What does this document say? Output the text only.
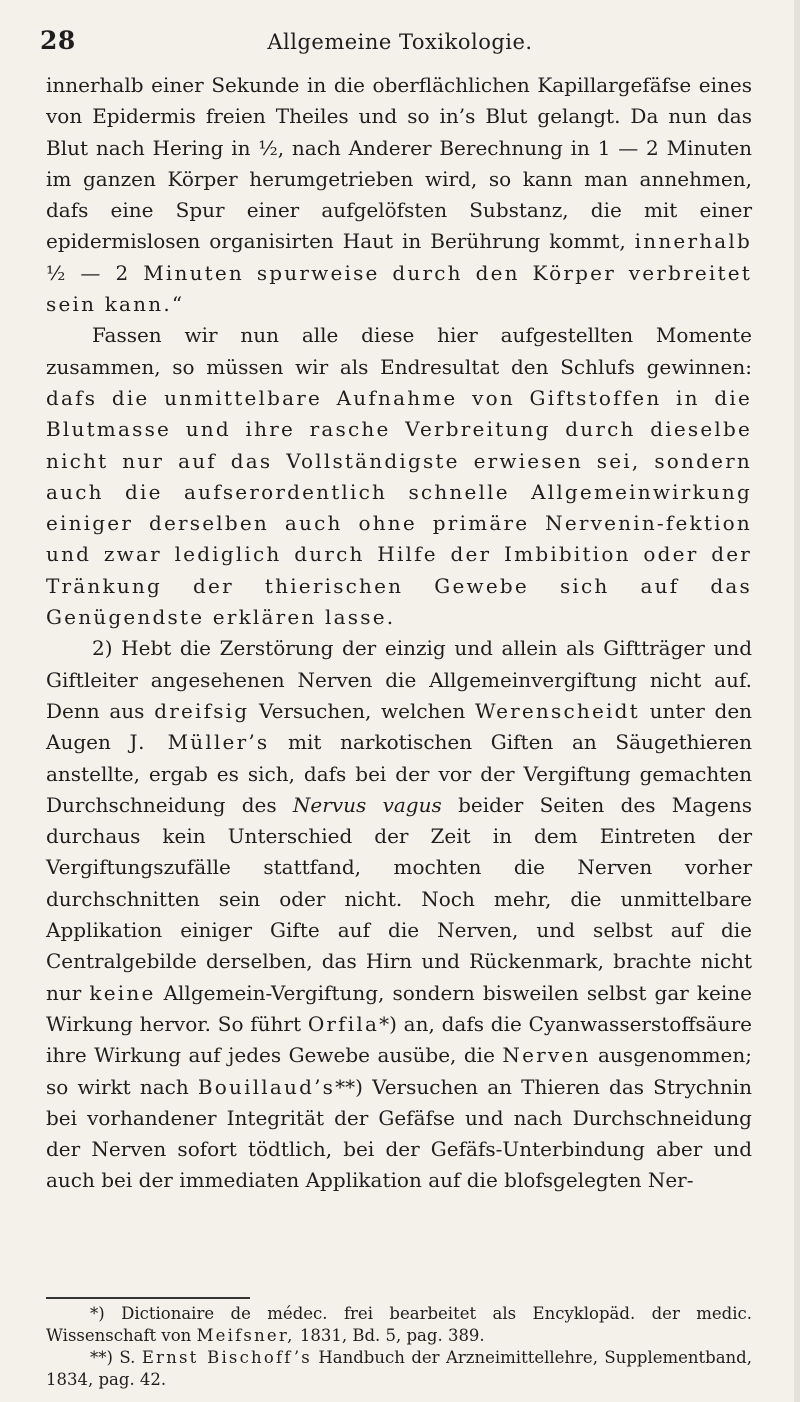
28	Allgemeine Toxikologie.

innerhalb einer Sekunde in die oberflächlichen Kapillargefäfse eines von Epidermis freien Theiles und so in’s Blut gelangt. Da nun das Blut nach Hering in ½, nach Anderer Berechnung in 1 — 2 Minuten im ganzen Körper herumgetrieben wird, so kann man annehmen, dafs eine Spur einer aufgelöfsten Substanz, die mit einer epidermislosen organisirten Haut in Berührung kommt, innerhalb ½ — 2 Minuten spurweise durch den Körper verbreitet sein kann.“

Fassen wir nun alle diese hier aufgestellten Momente zusammen, so müssen wir als Endresultat den Schlufs gewinnen: dafs die unmittelbare Aufnahme von Giftstoffen in die Blutmasse und ihre rasche Verbreitung durch dieselbe nicht nur auf das Vollständigste erwiesen sei, sondern auch die aufserordentlich schnelle Allgemeinwirkung einiger derselben auch ohne primäre Nervenin-fektion und zwar lediglich durch Hilfe der Imbibition oder der Tränkung der thierischen Gewebe sich auf das Genügendste erklären lasse.

2) Hebt die Zerstörung der einzig und allein als Giftträger und Giftleiter angesehenen Nerven die Allgemeinvergiftung nicht auf. Denn aus dreifsig Versuchen, welchen Werenscheidt unter den Augen J. Müller’s mit narkotischen Giften an Säugethieren anstellte, ergab es sich, dafs bei der vor der Vergiftung gemachten Durchschneidung des Nervus vagus beider Seiten des Magens durchaus kein Unterschied der Zeit in dem Eintreten der Vergiftungszufälle stattfand, mochten die Nerven vorher durchschnitten sein oder nicht. Noch mehr, die unmittelbare Applikation einiger Gifte auf die Nerven, und selbst auf die Centralgebilde derselben, das Hirn und Rückenmark, brachte nicht nur keine Allgemein-Vergiftung, sondern bisweilen selbst gar keine Wirkung hervor. So führt Orfila*) an, dafs die Cyanwasserstoffsäure ihre Wirkung auf jedes Gewebe ausübe, die Nerven ausgenommen; so wirkt nach Bouillaud’s**) Versuchen an Thieren das Strychnin bei vorhandener Integrität der Gefäfse und nach Durchschneidung der Nerven sofort tödtlich, bei der Gefäfs-Unterbindung aber und auch bei der immediaten Applikation auf die blofsgelegten Ner-

*) Dictionaire de médec. frei bearbeitet als Encyklopäd. der medic. Wissenschaft von Meifsner, 1831, Bd. 5, pag. 389.

**) S. Ernst Bischoff’s Handbuch der Arzneimittellehre, Supplementband, 1834, pag. 42.
